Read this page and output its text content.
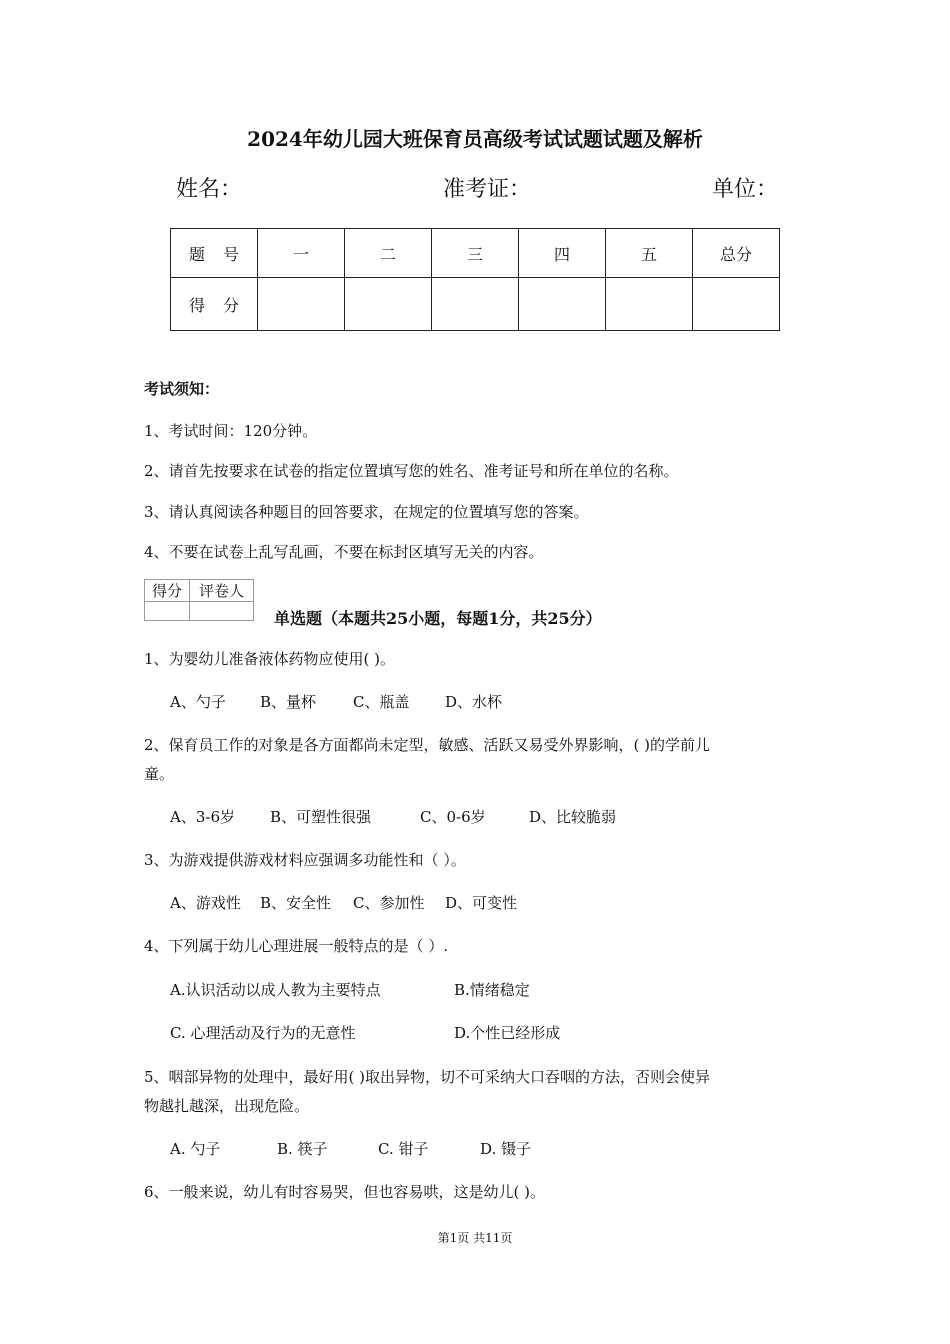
2024年幼儿园大班保育员高级考试试题试题及解析
姓名：	准考证：	单位：
题号	一	二	三	四	五	总分
得分						
考试须知：
1、考试时间：120分钟。
2、请首先按要求在试卷的指定位置填写您的姓名、准考证号和所在单位的名称。
3、请认真阅读各种题目的回答要求，在规定的位置填写您的答案。
4、不要在试卷上乱写乱画，不要在标封区填写无关的内容。
得分	评卷人

单选题（本题共25小题，每题1分，共25分）
1、为婴幼儿准备液体药物应使用( )。
A、勺子 B、量杯 C、瓶盖 D、水杯
2、保育员工作的对象是各方面都尚未定型，敏感、活跃又易受外界影响，( )的学前儿
童。
A、3-6岁 B、可塑性很强	C、0-6岁	D、比较脆弱
3、为游戏提供游戏材料应强调多功能性和（ ）。
A、游戏性 B、安全性 C、参加性 D、可变性
4、下列属于幼儿心理进展一般特点的是（ ）.
A.认识活动以成人教为主要特点	B.情绪稳定
C. 心理活动及行为的无意性	D.个性已经形成
5、咽部异物的处理中，最好用( )取出异物，切不可采纳大口吞咽的方法，否则会使异
物越扎越深，出现危险。
A. 勺子	B. 筷子	C. 钳子	D. 镊子
6、一般来说，幼儿有时容易哭，但也容易哄，这是幼儿( )。
第1页 共11页
